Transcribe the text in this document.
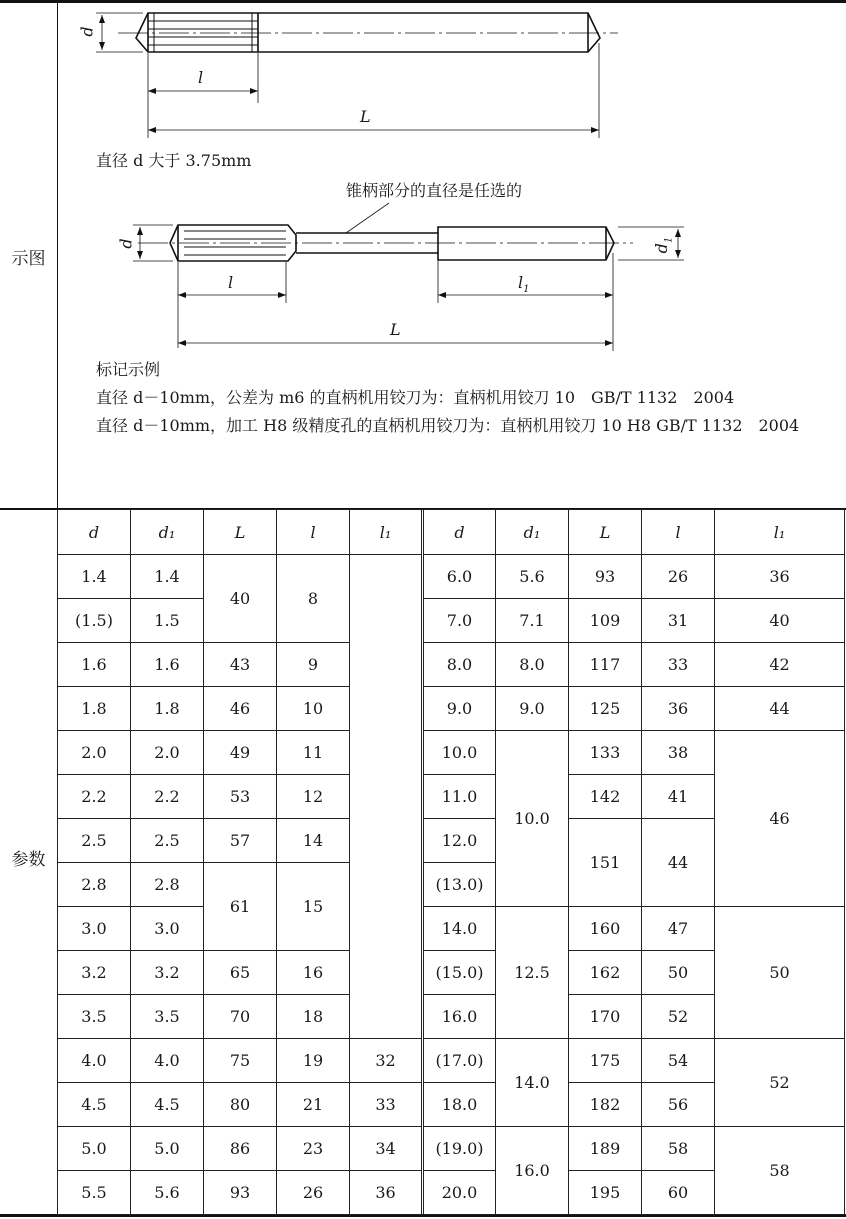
示图
参数
d
l
L
直径 d 大于 3.75mm
锥柄部分的直径是任选的
d	$d_1$
l	$l_1$
L

标记示例

直径 d－10mm，公差为 m6 的直柄机用铰刀为：直柄机用铰刀 10　GB/T 1132　2004

直径 d－10mm，加工 H8 级精度孔的直柄机用铰刀为：直柄机用铰刀 10 H8 GB/T 1132　2004

d	d₁	L	l	l₁	d	d₁	L	l	l₁
1.4	1.4	40	8		6.0	5.6	93	26	36
(1.5)	1.5				7.0	7.1	109	31	40
1.6	1.6	43	9		8.0	8.0	117	33	42
1.8	1.8	46	10		9.0	9.0	125	36	44
2.0	2.0	49	11		10.0	10.0	133	38	46
2.2	2.2	53	12		11.0		142	41	
2.5	2.5	57	14		12.0		151	44	
2.8	2.8	61	15		(13.0)				
3.0	3.0				14.0	12.5	160	47	50
3.2	3.2	65	16		(15.0)		162	50	
3.5	3.5	70	18		16.0		170	52	
4.0	4.0	75	19	32	(17.0)	14.0	175	54	52
4.5	4.5	80	21	33	18.0		182	56	
5.0	5.0	86	23	34	(19.0)	16.0	189	58	58
5.5	5.6	93	26	36	20.0		195	60	
